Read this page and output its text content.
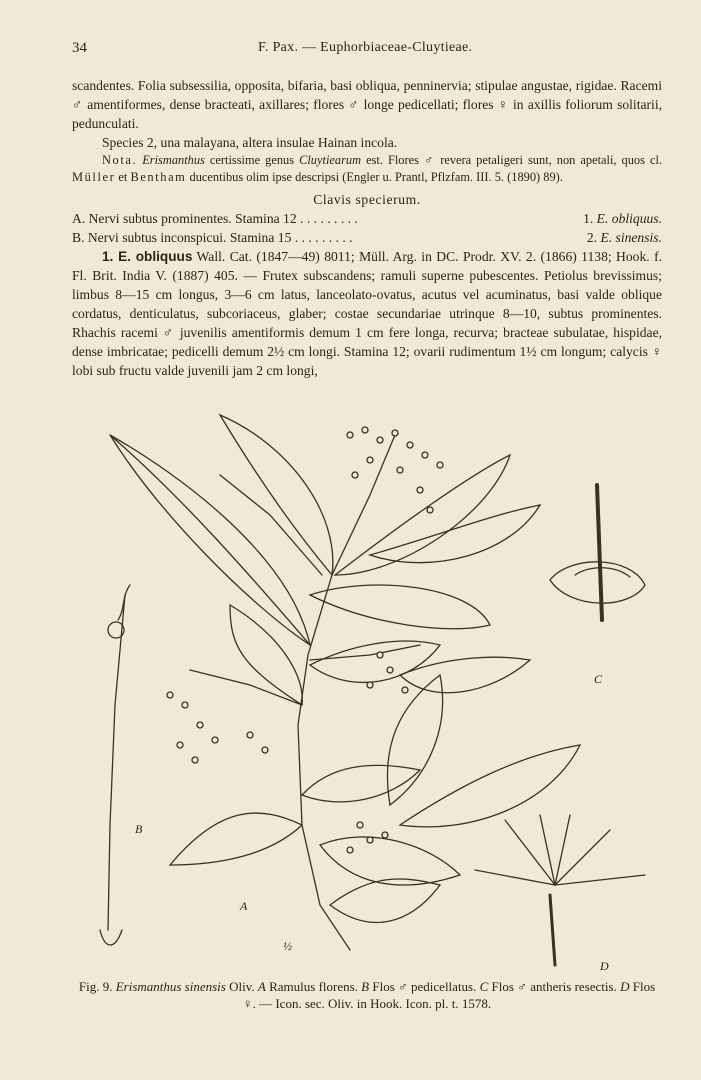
34	F. Pax. — Euphorbiaceae-Cluytieae.

scandentes. Folia subsessilia, opposita, bifaria, basi obliqua, penninervia; stipulae angustae, rigidae. Racemi ♂ amentiformes, dense bracteati, axillares; flores ♂ longe pedicellati; flores ♀ in axillis foliorum solitarii, pedunculati.

Species 2, una malayana, altera insulae Hainan incola.

Nota. Erismanthus certissime genus Cluytiearum est. Flores ♂ revera petaligeri sunt, non apetali, quos cl. Müller et Bentham ducentibus olim ipse descripsi (Engler u. Prantl, Pflzfam. III. 5. (1890) 89).

Clavis specierum.

A. Nervi subtus prominentes. Stamina 12 . . . . . . . . .	1. E. obliquus.
B. Nervi subtus inconspicui. Stamina 15 . . . . . . . . .	2. E. sinensis.

1. E. obliquus Wall. Cat. (1847—49) 8011; Müll. Arg. in DC. Prodr. XV. 2. (1866) 1138; Hook. f. Fl. Brit. India V. (1887) 405. — Frutex subscandens; ramuli superne pubescentes. Petiolus brevissimus; limbus 8—15 cm longus, 3—6 cm latus, lanceolato-ovatus, acutus vel acuminatus, basi valde oblique cordatus, denticulatus, subcoriaceus, glaber; costae secundariae utrinque 8—10, subtus prominentes. Rhachis racemi ♂ juvenilis amentiformis demum 1 cm fere longa, recurva; bracteae subulatae, hispidae, dense imbricatae; pedicelli demum 2½ cm longi. Stamina 12; ovarii rudimentum 1½ cm longum; calycis ♀ lobi sub fructu valde juvenili jam 2 cm longi,

A
B
C
D
½
Fig. 9. Erismanthus sinensis Oliv. A Ramulus florens. B Flos ♂ pedicellatus. C Flos ♂ antheris resectis. D Flos ♀. — Icon. sec. Oliv. in Hook. Icon. pl. t. 1578.
